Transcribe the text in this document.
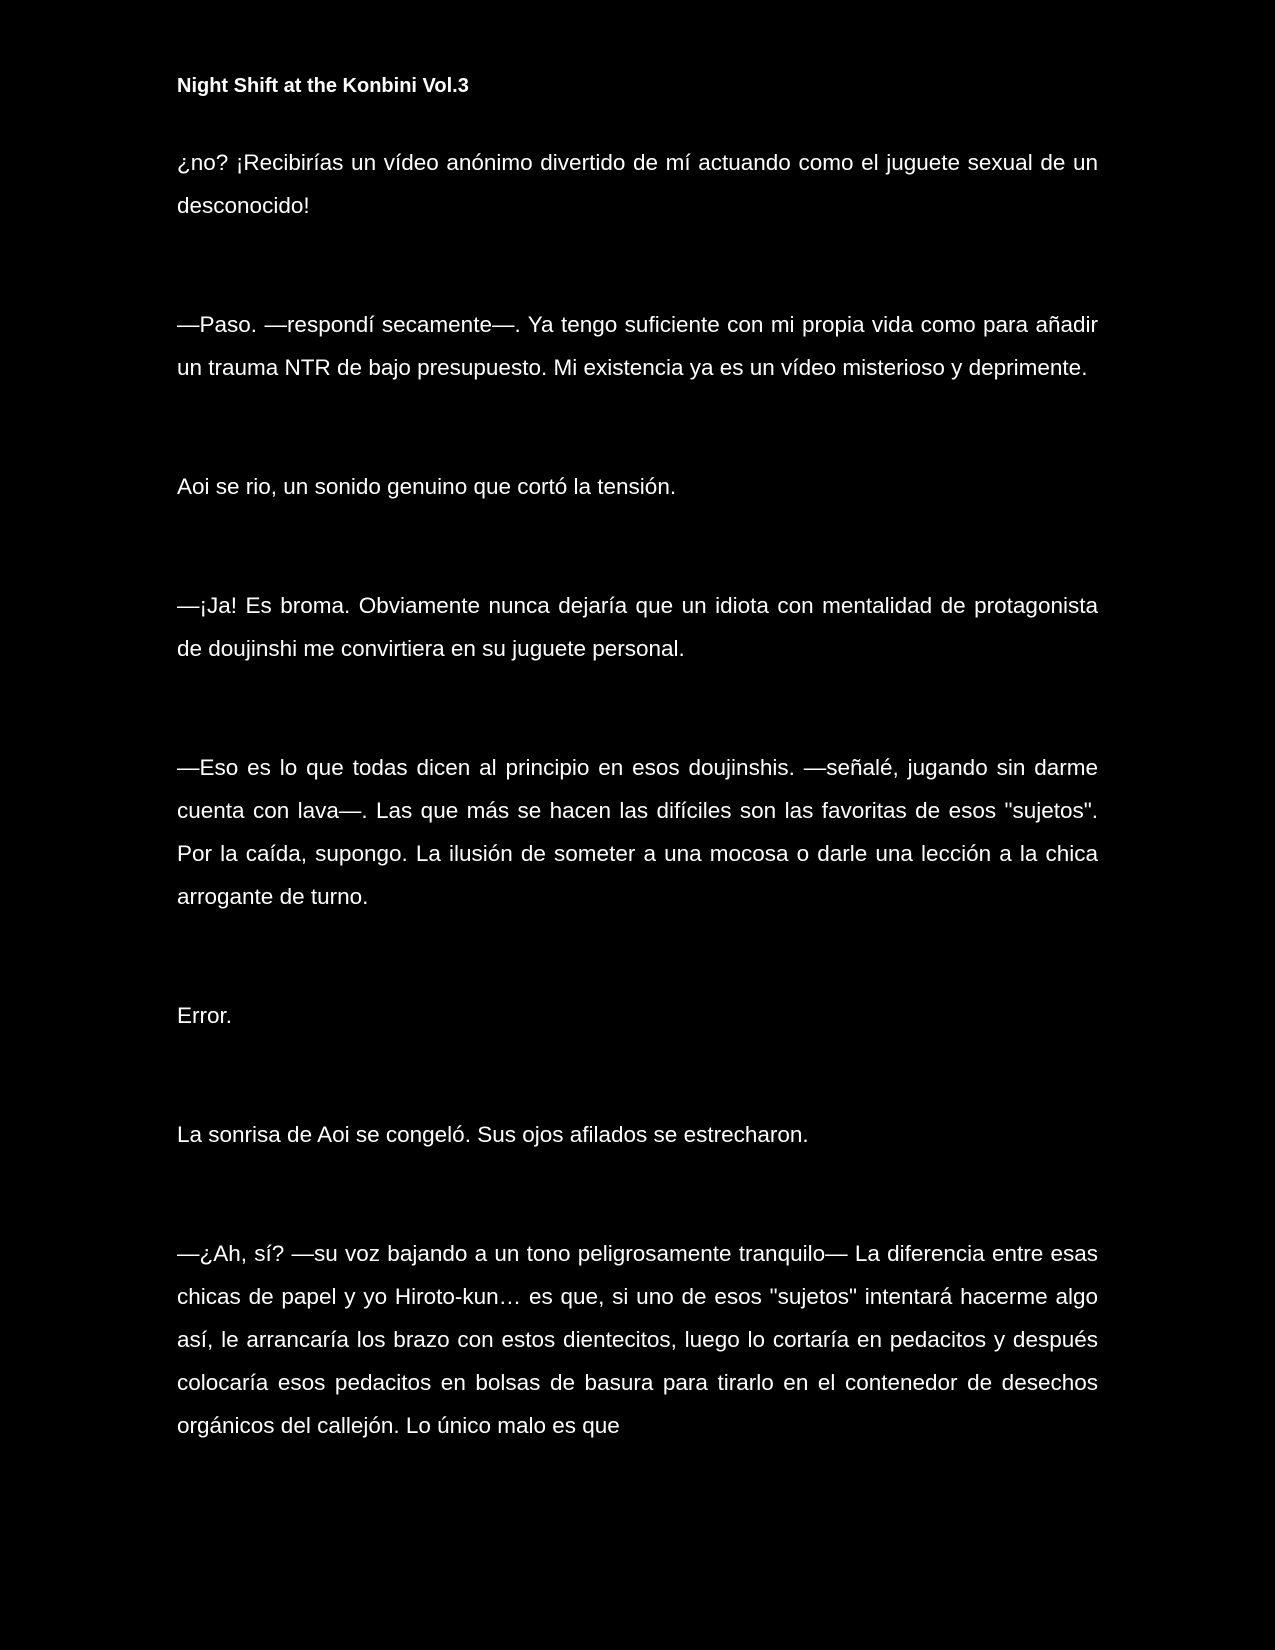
Night Shift at the Konbini Vol.3

¿no? ¡Recibirías un vídeo anónimo divertido de mí actuando como el juguete sexual de un desconocido!

—Paso. —respondí secamente—. Ya tengo suficiente con mi propia vida como para añadir un trauma NTR de bajo presupuesto. Mi existencia ya es un vídeo misterioso y deprimente.

Aoi se rio, un sonido genuino que cortó la tensión.

—¡Ja! Es broma. Obviamente nunca dejaría que un idiota con mentalidad de protagonista de doujinshi me convirtiera en su juguete personal.

—Eso es lo que todas dicen al principio en esos doujinshis. —señalé, jugando sin darme cuenta con lava—. Las que más se hacen las difíciles son las favoritas de esos "sujetos". Por la caída, supongo. La ilusión de someter a una mocosa o darle una lección a la chica arrogante de turno.

Error.

La sonrisa de Aoi se congeló. Sus ojos afilados se estrecharon.

—¿Ah, sí? —su voz bajando a un tono peligrosamente tranquilo— La diferencia entre esas chicas de papel y yo Hiroto-kun… es que, si uno de esos "sujetos" intentará hacerme algo así, le arrancaría los brazo con estos dientecitos, luego lo cortaría en pedacitos y después colocaría esos pedacitos en bolsas de basura para tirarlo en el contenedor de desechos orgánicos del callejón. Lo único malo es que
